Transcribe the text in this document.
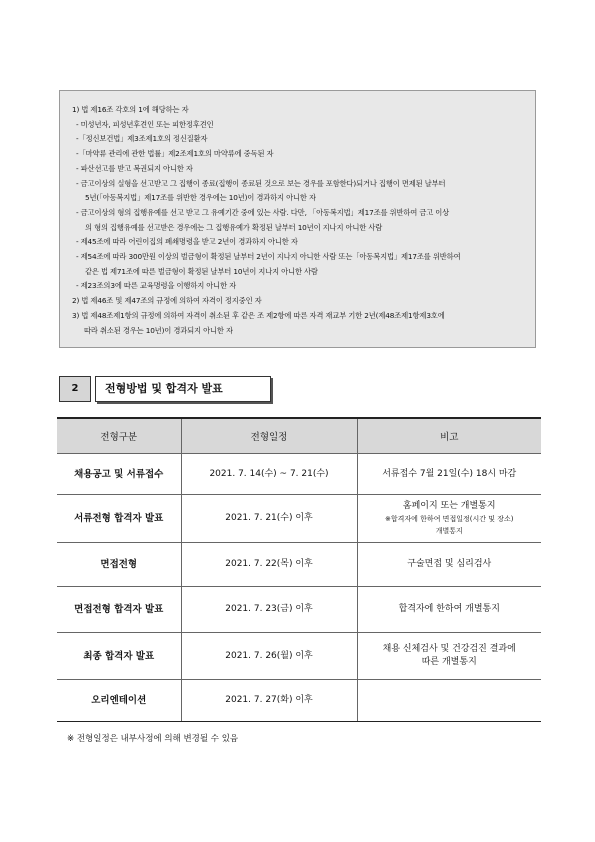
1) 법 제16조 각호의 1에 해당하는 자
- 미성년자, 피성년후견인 또는 피한정후견인
-「정신보건법」제3조제1호의 정신질환자
-「마약류 관리에 관한 법률」제2조제1호의 마약류에 중독된 자
- 파산선고를 받고 복권되지 아니한 자
- 금고이상의 실형을 선고받고 그 집행이 종료(집행이 종료된 것으로 보는 경우를 포함한다)되거나 집행이 면제된 날부터
5년(「아동복지법」제17조를 위반한 경우에는 10년)이 경과하지 아니한 자
- 금고이상의 형의 집행유예를 선고 받고 그 유예기간 중에 있는 사람. 다만, 「아동복지법」제17조를 위반하여 금고 이상
의 형의 집행유예를 선고받은 경우에는 그 집행유예가 확정된 날부터 10년이 지나지 아니한 사람
- 제45조에 따라 어린이집의 폐쇄명령을 받고 2년이 경과하지 아니한 자
- 제54조에 따라 300만원 이상의 벌금형이 확정된 날부터 2년이 지나지 아니한 사람 또는「아동복지법」제17조를 위반하여
같은 법 제71조에 따른 벌금형이 확정된 날부터 10년이 지나지 아니한 사람
- 제23조의3에 따른 교육명령을 이행하지 아니한 자
2) 법 제46조 및 제47조의 규정에 의하여 자격이 정지중인 자
3) 법 제48조제1항의 규정에 의하여 자격이 취소된 후 같은 조 제2항에 따른 자격 재교부 기한 2년(제48조제1항제3호에
따라 취소된 경우는 10년)이 경과되지 아니한 자
2	전형방법 및 합격자 발표
전형구분	전형일정	비고
채용공고 및 서류접수	2021. 7. 14(수) ~ 7. 21(수)	서류접수 7월 21일(수) 18시 마감

서류전형 합격자 발표	2021. 7. 21(수) 이후	홈페이지 또는 개별통지
※합격자에 한하여 면접일정(시간 및 장소)
개별통지

면접전형	2021. 7. 22(목) 이후	구술면접 및 심리검사

면접전형 합격자 발표	2021. 7. 23(금) 이후	합격자에 한하여 개별통지

최종 합격자 발표	2021. 7. 26(월) 이후	채용 신체검사 및 건강검진 결과에
따른 개별통지

오리엔테이션	2021. 7. 27(화) 이후	
※ 전형일정은 내부사정에 의해 변경될 수 있음
